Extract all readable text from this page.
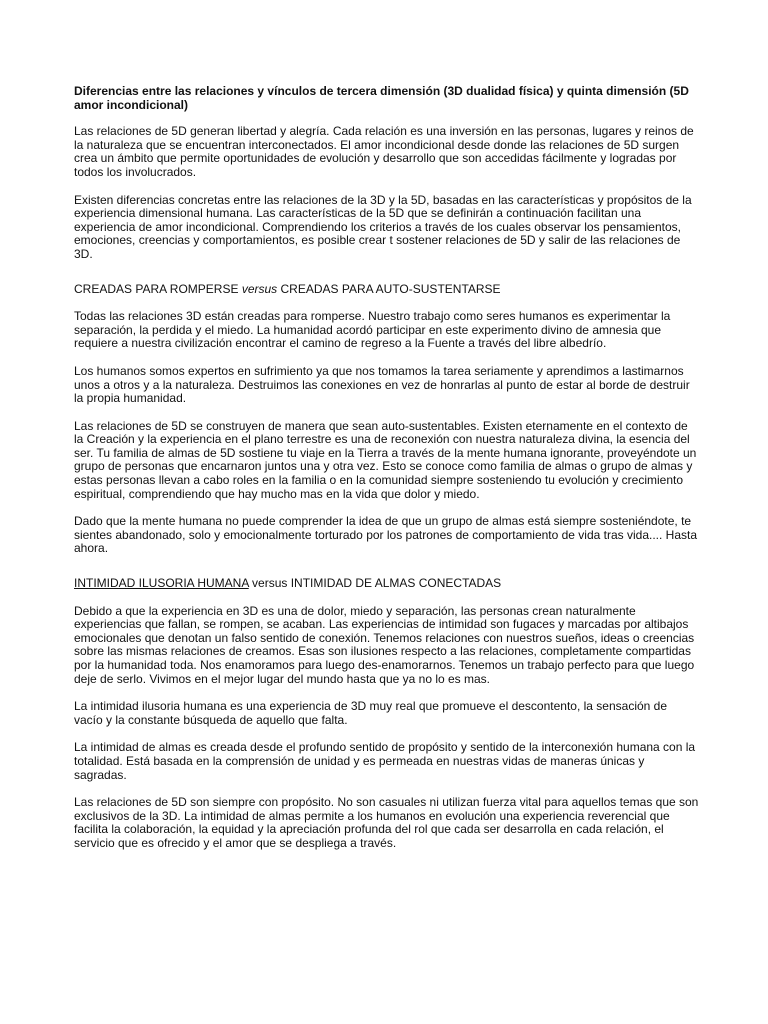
Diferencias entre las relaciones y vínculos de tercera dimensión (3D dualidad física) y quinta dimensión (5D amor incondicional)

Las relaciones de 5D generan libertad y alegría. Cada relación es una inversión en las personas, lugares y reinos de la naturaleza que se encuentran interconectados. El amor incondicional desde donde las relaciones de 5D surgen crea un ámbito que permite oportunidades de evolución y desarrollo que son accedidas fácilmente y logradas por todos los involucrados.

Existen diferencias concretas entre las relaciones de la 3D y la 5D, basadas en las características y propósitos de la experiencia dimensional humana. Las características de la 5D que se definirán a continuación facilitan una experiencia de amor incondicional. Comprendiendo los criterios a través de los cuales observar los pensamientos, emociones, creencias y comportamientos, es posible crear t sostener relaciones de 5D y salir de las relaciones de 3D.

CREADAS PARA ROMPERSE versus CREADAS PARA AUTO-SUSTENTARSE

Todas las relaciones 3D están creadas para romperse. Nuestro trabajo como seres humanos es experimentar la separación, la perdida y el miedo. La humanidad acordó participar en este experimento divino de amnesia que requiere a nuestra civilización encontrar el camino de regreso a la Fuente a través del libre albedrío.

Los humanos somos expertos en sufrimiento ya que nos tomamos la tarea seriamente y aprendimos a lastimarnos unos a otros y a la naturaleza. Destruimos las conexiones en vez de honrarlas al punto de estar al borde de destruir la propia humanidad.

Las relaciones de 5D se construyen de manera que sean auto-sustentables. Existen eternamente en el contexto de la Creación y la experiencia en el plano terrestre es una de reconexión con nuestra naturaleza divina, la esencia del ser. Tu familia de almas de 5D sostiene tu viaje en la Tierra a través de la mente humana ignorante, proveyéndote un grupo de personas que encarnaron juntos una y otra vez. Esto se conoce como familia de almas o grupo de almas y estas personas llevan a cabo roles en la familia o en la comunidad siempre sosteniendo tu evolución y crecimiento espiritual, comprendiendo que hay mucho mas en la vida que dolor y miedo.

Dado que la mente humana no puede comprender la idea de que un grupo de almas está siempre sosteniéndote, te sientes abandonado, solo y emocionalmente torturado por los patrones de comportamiento de vida tras vida.... Hasta ahora.

INTIMIDAD ILUSORIA HUMANA versus INTIMIDAD DE ALMAS CONECTADAS

Debido a que la experiencia en 3D es una de dolor, miedo y separación, las personas crean naturalmente experiencias que fallan, se rompen, se acaban. Las experiencias de intimidad son fugaces y marcadas por altibajos emocionales que denotan un falso sentido de conexión. Tenemos relaciones con nuestros sueños, ideas o creencias sobre las mismas relaciones de creamos. Esas son ilusiones respecto a las relaciones, completamente compartidas por la humanidad toda. Nos enamoramos para luego des-enamorarnos. Tenemos un trabajo perfecto para que luego deje de serlo. Vivimos en el mejor lugar del mundo hasta que ya no lo es mas.

La intimidad ilusoria humana es una experiencia de 3D muy real que promueve el descontento, la sensación de vacío y la constante búsqueda de aquello que falta.

La intimidad de almas es creada desde el profundo sentido de propósito y sentido de la interconexión humana con la totalidad. Está basada en la comprensión de unidad y es permeada en nuestras vidas de maneras únicas y sagradas.

Las relaciones de 5D son siempre con propósito. No son casuales ni utilizan fuerza vital para aquellos temas que son exclusivos de la 3D. La intimidad de almas permite a los humanos en evolución una experiencia reverencial que facilita la colaboración, la equidad y la apreciación profunda del rol que cada ser desarrolla en cada relación, el servicio que es ofrecido y el amor que se despliega a través.
